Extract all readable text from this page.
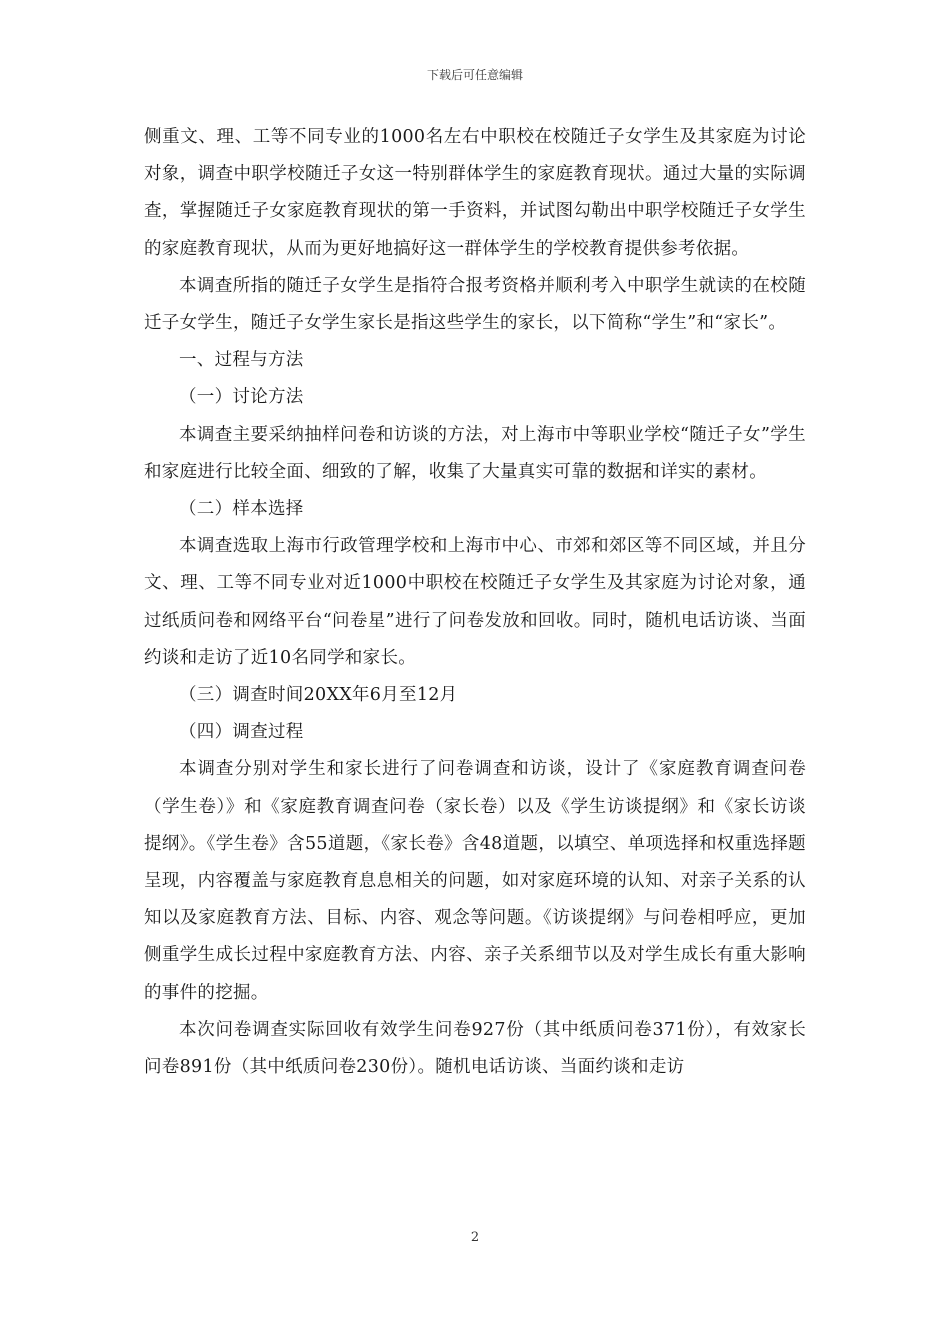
下载后可任意编辑

侧重文、理、工等不同专业的1000名左右中职校在校随迁子女学生及其家庭为讨论对象，调查中职学校随迁子女这一特别群体学生的家庭教育现状。通过大量的实际调查，掌握随迁子女家庭教育现状的第一手资料，并试图勾勒出中职学校随迁子女学生的家庭教育现状，从而为更好地搞好这一群体学生的学校教育提供参考依据。

本调查所指的随迁子女学生是指符合报考资格并顺利考入中职学生就读的在校随迁子女学生，随迁子女学生家长是指这些学生的家长，以下简称“学生”和“家长”。

一、过程与方法

（一）讨论方法

本调查主要采纳抽样问卷和访谈的方法，对上海市中等职业学校“随迁子女”学生和家庭进行比较全面、细致的了解，收集了大量真实可靠的数据和详实的素材。

（二）样本选择

本调查选取上海市行政管理学校和上海市中心、市郊和郊区等不同区域，并且分文、理、工等不同专业对近1000中职校在校随迁子女学生及其家庭为讨论对象，通过纸质问卷和网络平台“问卷星”进行了问卷发放和回收。同时，随机电话访谈、当面约谈和走访了近10名同学和家长。

（三）调查时间20XX年6月至12月

（四）调查过程

本调查分别对学生和家长进行了问卷调查和访谈，设计了《家庭教育调查问卷（学生卷）》和《家庭教育调查问卷（家长卷）以及《学生访谈提纲》和《家长访谈提纲》。《学生卷》含55道题，《家长卷》含48道题，以填空、单项选择和权重选择题呈现，内容覆盖与家庭教育息息相关的问题，如对家庭环境的认知、对亲子关系的认知以及家庭教育方法、目标、内容、观念等问题。《访谈提纲》与问卷相呼应，更加侧重学生成长过程中家庭教育方法、内容、亲子关系细节以及对学生成长有重大影响的事件的挖掘。

本次问卷调查实际回收有效学生问卷927份（其中纸质问卷371份），有效家长问卷891份（其中纸质问卷230份）。随机电话访谈、当面约谈和走访

2
